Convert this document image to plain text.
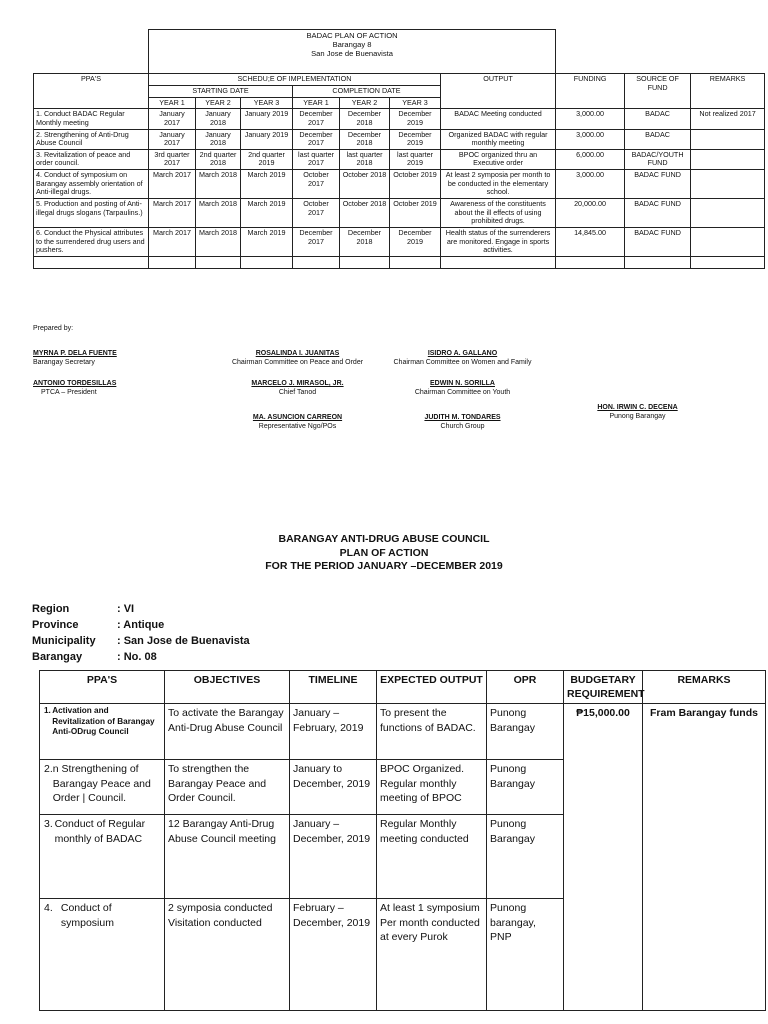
	BADAC PLAN OF ACTION
Barangay 8
San Jose de Buenavista									

PPA'S	SCHEDU;E OF IMPLEMENTATION						OUTPUT	FUNDING	SOURCE OF FUND	REMARKS
	STARTING DATE			COMPLETION DATE						
	YEAR 1	YEAR 2	YEAR 3	YEAR 1	YEAR 2	YEAR 3				
1. Conduct BADAC Regular Monthly meeting	January 2017	January 2018	January 2019	December 2017	December 2018	December 2019	BADAC Meeting conducted	3,000.00	BADAC	Not realized 2017
2. Strengthening of Anti-Drug Abuse Council	January 2017	January 2018	January 2019	December 2017	December 2018	December 2019	Organized BADAC with regular monthly meeting	3,000.00	BADAC	
3. Revitalization of peace and order council.	3rd quarter 2017	2nd quarter 2018	2nd quarter 2019	last quarter 2017	last quarter 2018	last quarter 2019	BPOC organized thru an Executive order	6,000.00	BADAC/YOUTH FUND	
4. Conduct of symposium on Barangay assembly orientation of Anti-illegal drugs.	March 2017	March 2018	March 2019	October 2017	October 2018	October 2019	At least 2 symposia per month to be conducted in the elementary school.	3,000.00	BADAC FUND	
5. Production and posting of Anti-illegal drugs slogans (Tarpaulins.)	March 2017	March 2018	March 2019	October 2017	October 2018	October 2019	Awareness of the constituents about the ill effects of using prohibited drugs.	20,000.00	BADAC FUND	
6. Conduct the Physical attributes to the surrendered drug users and pushers.	March 2017	March 2018	March 2019	December 2017	December 2018	December 2019	Health status of the surrenderers are monitored. Engage in sports activities.	14,845.00	BADAC FUND	

Prepared by:
MYRNA P. DELA FUENTE
Barangay Secretary
ROSALINDA I. JUANITAS
Chairman Committee on Peace and Order
ISIDRO A. GALLANO
Chairman Committee on Women and Family
ANTONIO TORDESILLAS
PTCA – President
MARCELO J. MIRASOL, JR.
Chief Tanod
EDWIN N. SORILLA
Chairman Committee on Youth
HON. IRWIN C. DECENA
Punong Barangay
MA. ASUNCION CARREON
Representative Ngo/POs
JUDITH M. TONDARES
Church Group
BARANGAY ANTI-DRUG ABUSE COUNCIL
PLAN OF ACTION
FOR THE PERIOD JANUARY –DECEMBER 2019
Region	: VI
Province	: Antique
Municipality : San Jose de Buenavista
Barangay	: No. 08
PPA'S	OBJECTIVES	TIMELINE	EXPECTED OUTPUT	OPR	BUDGETARY REQUIREMENT	REMARKS

1. Activation and Revitalization of Barangay Anti-ODrug Council	To activate the Barangay Anti-Drug Abuse Council	January – February, 2019	To present the functions of BADAC.	Punong Barangay	₱15,000.00	Fram Barangay funds

2. n Strengthening of Barangay Peace and Order | Council.	To strengthen the Barangay Peace and Order Council.	January to December, 2019	BPOC Organized. Regular monthly meeting of BPOC	Punong Barangay		

3. Conduct of Regular monthly of BADAC	12 Barangay Anti-Drug Abuse Council meeting	January – December, 2019	Regular Monthly meeting conducted	Punong Barangay		

4. Conduct of symposium	2 symposia conducted Visitation conducted	February – December, 2019	At least 1 symposium Per month conducted at every Purok	Punong barangay, PNP		
